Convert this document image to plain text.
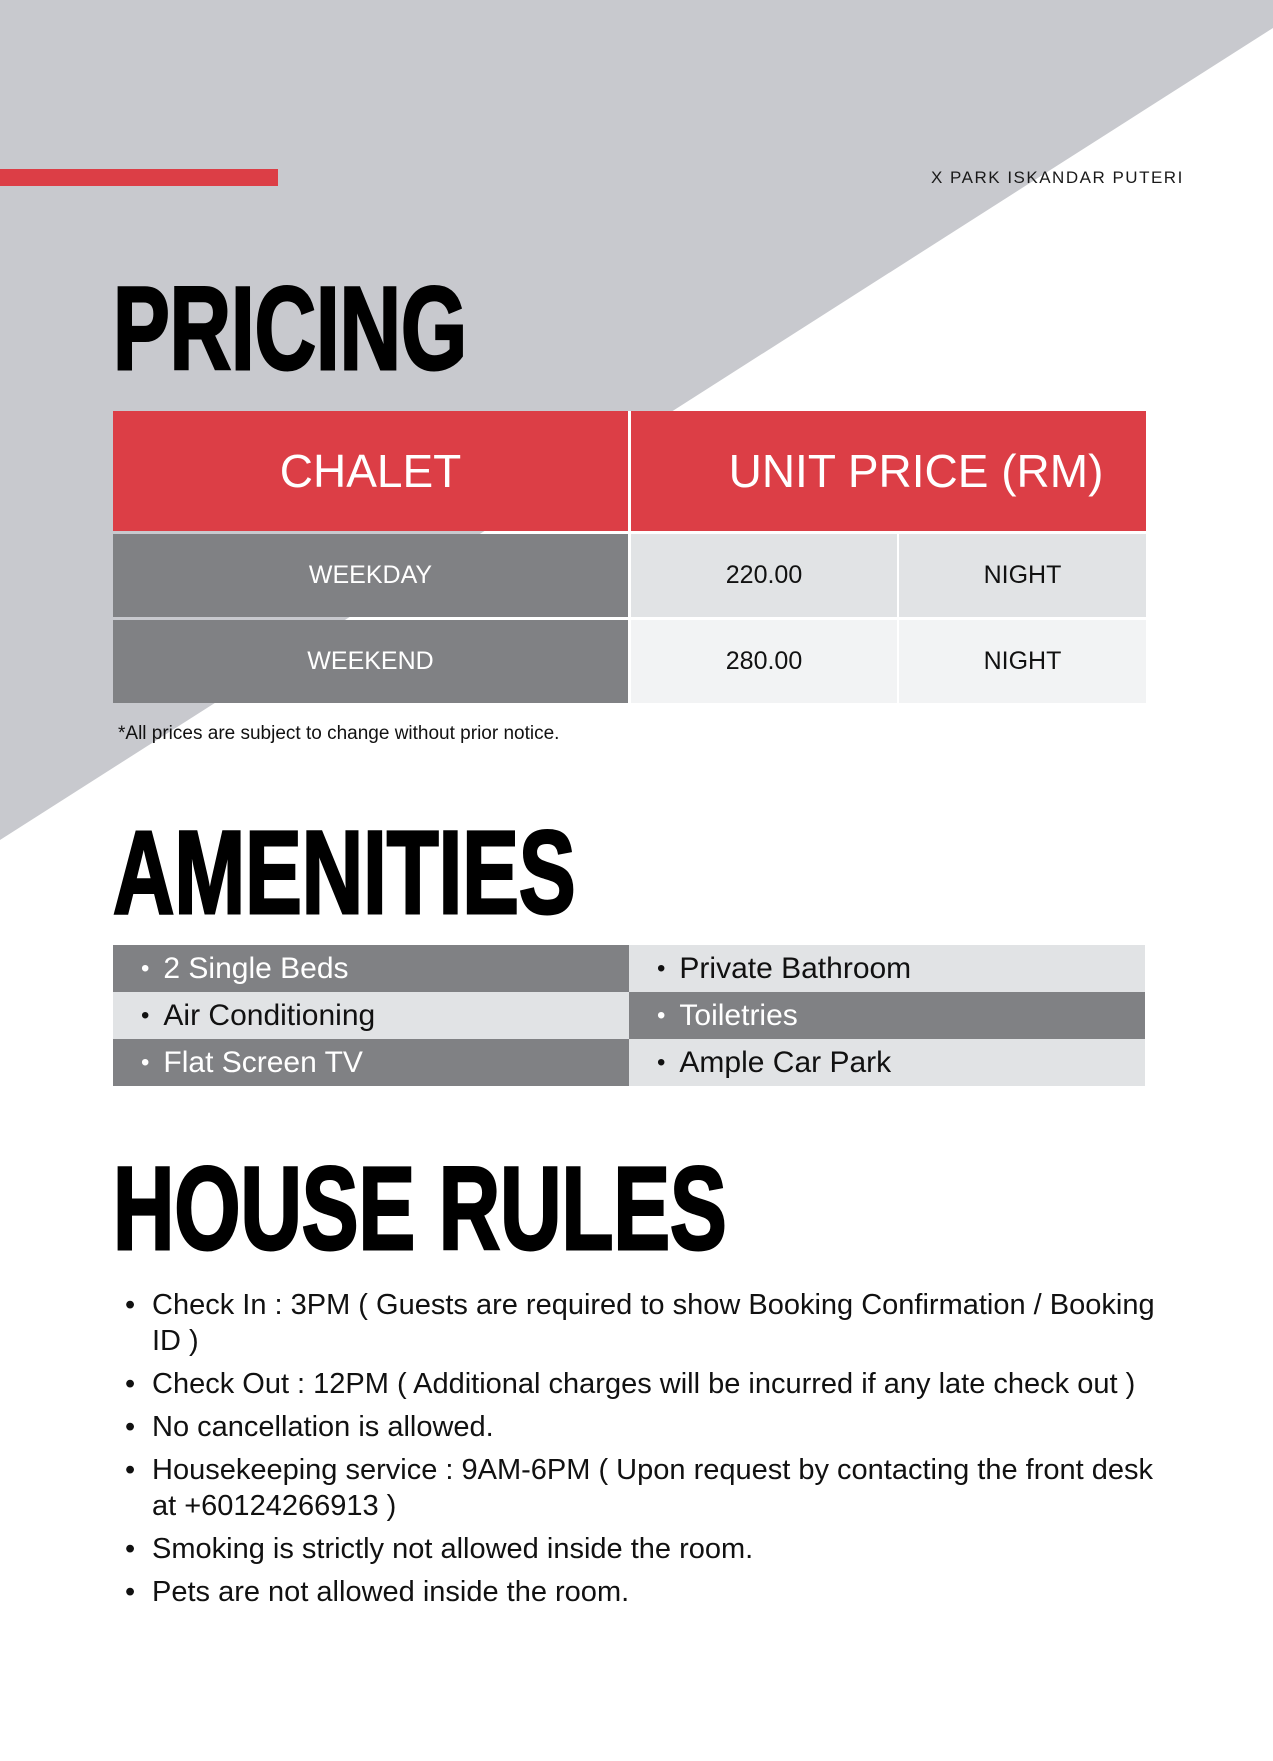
X PARK ISKANDAR PUTERI
PRICING
CHALET	UNIT PRICE (RM)
WEEKDAY	220.00	NIGHT
WEEKEND	280.00	NIGHT
*All prices are subject to change without prior notice.
AMENITIES
• 2 Single Beds	• Private Bathroom
• Air Conditioning	• Toiletries
• Flat Screen TV	• Ample Car Park
HOUSE RULES
• Check In : 3PM ( Guests are required to show Booking Confirmation / Booking ID )
• Check Out : 12PM ( Additional charges will be incurred if any late check out )
• No cancellation is allowed.
• Housekeeping service : 9AM-6PM ( Upon request by contacting the front desk at +60124266913 )
• Smoking is strictly not allowed inside the room.
• Pets are not allowed inside the room.
